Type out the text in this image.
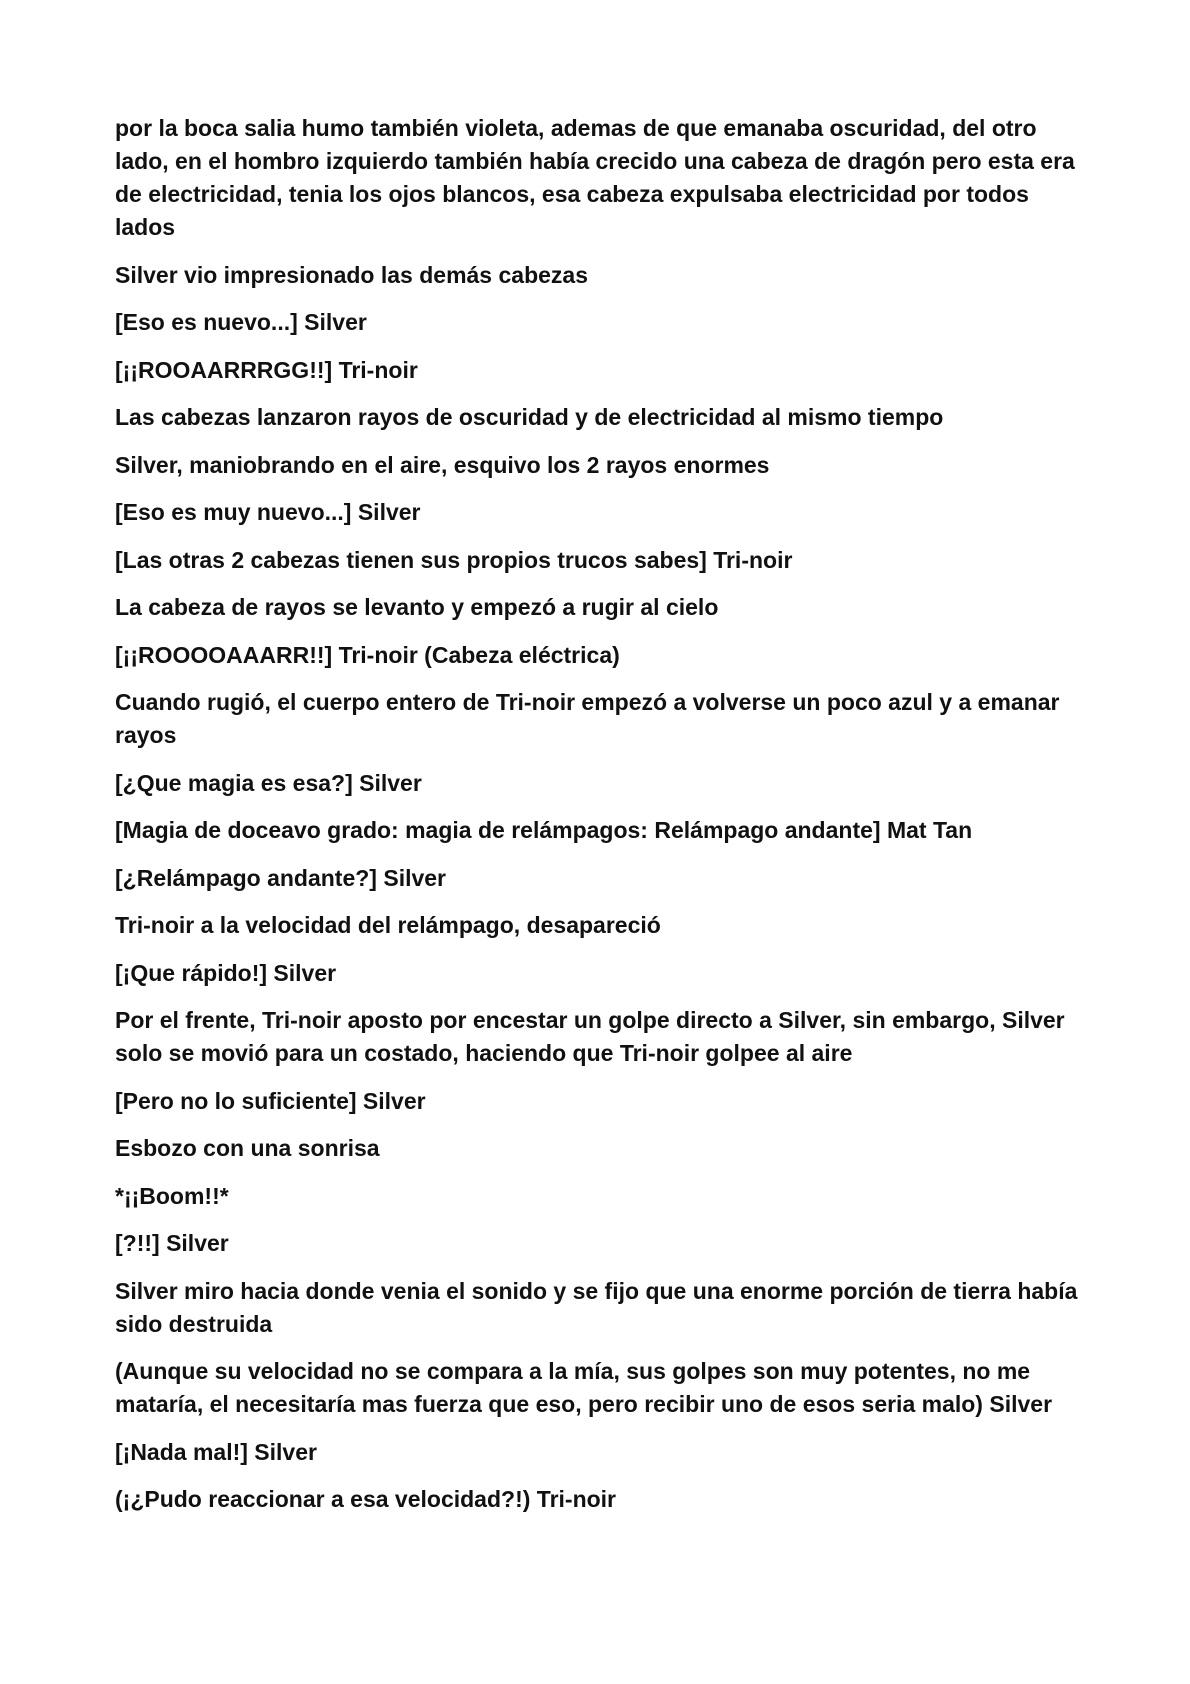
por la boca salia humo también violeta, ademas de que emanaba oscuridad, del otro lado, en el hombro izquierdo también había crecido una cabeza de dragón pero esta era de electricidad, tenia los ojos blancos, esa cabeza expulsaba electricidad por todos lados

Silver vio impresionado las demás cabezas

[Eso es nuevo...] Silver

[¡¡ROOAARRRGG!!] Tri-noir

Las cabezas lanzaron rayos de oscuridad y de electricidad al mismo tiempo

Silver, maniobrando en el aire, esquivo los 2 rayos enormes

[Eso es muy nuevo...] Silver

[Las otras 2 cabezas tienen sus propios trucos sabes] Tri-noir

La cabeza de rayos se levanto y empezó a rugir al cielo

[¡¡ROOOOAAARR!!] Tri-noir (Cabeza eléctrica)

Cuando rugió, el cuerpo entero de Tri-noir empezó a volverse un poco azul y a emanar rayos

[¿Que magia es esa?] Silver

[Magia de doceavo grado: magia de relámpagos: Relámpago andante] Mat Tan

[¿Relámpago andante?] Silver

Tri-noir a la velocidad del relámpago, desapareció

[¡Que rápido!] Silver

Por el frente, Tri-noir aposto por encestar un golpe directo a Silver, sin embargo, Silver solo se movió para un costado, haciendo que Tri-noir golpee al aire

[Pero no lo suficiente] Silver

Esbozo con una sonrisa

*¡¡Boom!!*

[?!!] Silver

Silver miro hacia donde venia el sonido y se fijo que una enorme porción de tierra había sido destruida

(Aunque su velocidad no se compara a la mía, sus golpes son muy potentes, no me mataría, el necesitaría mas fuerza que eso, pero recibir uno de esos seria malo) Silver

[¡Nada mal!] Silver

(¡¿Pudo reaccionar a esa velocidad?!) Tri-noir
